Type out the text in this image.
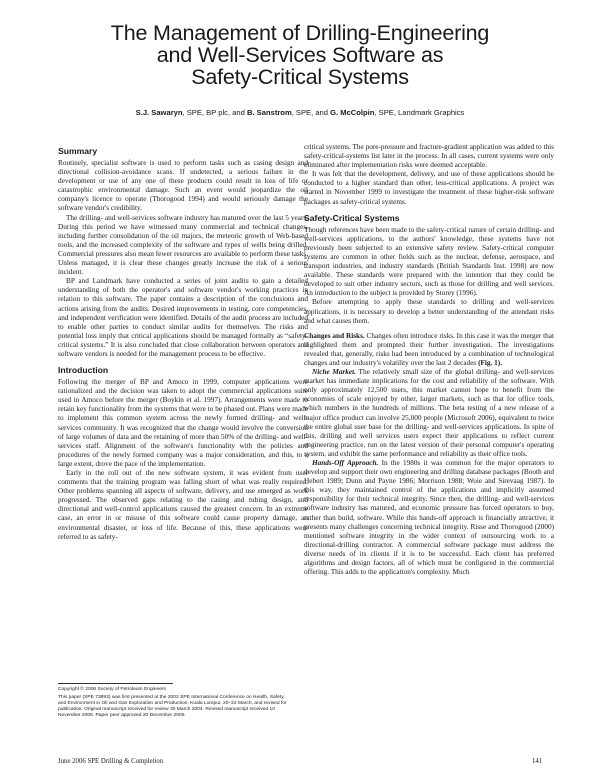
The Management of Drilling-Engineering
and Well-Services Software as
Safety-Critical Systems
S.J. Sawaryn, SPE, BP plc, and B. Sanstrom, SPE, and G. McColpin, SPE, Landmark Graphics
Summary

Routinely, specialist software is used to perform tasks such as casing design and directional collision-avoidance scans. If undetected, a serious failure in the development or use of any one of these products could result in loss of life or catastrophic environmental damage. Such an event would jeopardize the oil company's licence to operate (Thorogood 1994) and would seriously damage the software vendor's credibility.

The drilling- and well-services software industry has matured over the last 5 years. During this period we have witnessed many commercial and technical changes, including further consolidation of the oil majors, the meteoric growth of Web-based tools, and the increased complexity of the software and types of wells being drilled. Commercial pressures also mean fewer resources are available to perform these tasks. Unless managed, it is clear these changes greatly increase the risk of a serious incident.

BP and Landmark have conducted a series of joint audits to gain a detailed understanding of both the operator's and software vendor's working practices in relation to this software. The paper contains a description of the conclusions and actions arising from the audits. Desired improvements in testing, core competencies, and independent verification were identified. Details of the audit process are included to enable other parties to conduct similar audits for themselves. The risks and potential loss imply that critical applications should be managed formally as “safety-critical systems.” It is also concluded that close collaboration between operators and software vendors is needed for the management process to be effective.

Introduction

Following the merger of BP and Amoco in 1999, computer applications were rationalized and the decision was taken to adopt the commercial applications suite used in Amoco before the merger (Boykin et al. 1997). Arrangements were made to retain key functionality from the systems that were to be phased out. Plans were made to implement this common system across the newly formed drilling- and well-services community. It was recognized that the change would involve the conversion of large volumes of data and the retaining of more than 50% of the drilling- and well-services staff. Alignment of the software's functionality with the policies and procedures of the newly formed company was a major consideration, and this, to a large extent, drove the pace of the implementation.

Early in the roll out of the new software system, it was evident from user comments that the training program was falling short of what was really required. Other problems spanning all aspects of software, delivery, and use emerged as work progressed. The observed gaps relating to the casing and tubing design, and directional and well-control applications caused the greatest concern. In an extreme case, an error in or misuse of this software could cause property damage, an environmental disaster, or loss of life. Because of this, these applications were referred to as safety-

critical systems. The pore-pressure and fracture-gradient application was added to this safety-critical-systems list later in the process. In all cases, current systems were only eliminated after implementation risks were deemed acceptable.

It was felt that the development, delivery, and use of these applications should be conducted to a higher standard than other, less-critical applications. A project was started in November 1999 to investigate the treatment of these higher-risk software packages as safety-critical systems.

Safety-Critical Systems

Though references have been made to the safety-critical nature of certain drilling- and well-services applications, to the authors' knowledge, these systems have not previously been subjected to an extensive safety review. Safety-critical computer systems are common in other fields such as the nuclear, defense, aerospace, and transport industries, and industry standards (British Standards Inst. 1998) are now available. These standards were prepared with the intention that they could be developed to suit other industry sectors, such as those for drilling and well services. An introduction to the subject is provided by Storey (1996).

Before attempting to apply these standards to drilling and well-services applications, it is necessary to develop a better understanding of the attendant risks and what causes them.

Changes and Risks. Changes often introduce risks. In this case it was the merger that highlighted them and prompted their further investigation. The investigations revealed that, generally, risks had been introduced by a combination of technological changes and our industry's volatility over the last 2 decades (Fig. 1).

Niche Market. The relatively small size of the global drilling- and well-services market has immediate implications for the cost and reliability of the software. With only approximately 12,500 users, this market cannot hope to benefit from the economies of scale enjoyed by other, larger markets, such as that for office tools, which numbers in the hundreds of millions. The beta testing of a new release of a major office product can involve 25,000 people (Microsoft 2006), equivalent to twice the entire global user base for the drilling- and well-services applications. In spite of this, drilling and well services users expect their applications to reflect current engineering practice, run on the latest version of their personal computer's operating system, and exhibit the same performance and reliability as their office tools.

Hands-Off Approach. In the 1980s it was common for the major operators to develop and support their own engineering and drilling database packages (Booth and Hebert 1989; Dunn and Payne 1986; Morrison 1988; Woie and Sirevaag 1987). In this way, they maintained control of the applications and implicitly assumed responsibility for their technical integrity. Since then, the drilling- and well-services software industry has matured, and economic pressure has forced operators to buy, rather than build, software. While this hands-off approach is financially attractive, it presents many challenges concerning technical integrity. Risse and Thorogood (2000) mentioned software integrity in the wider context of outsourcing work to a directional-drilling contractor. A commercial software package must address the diverse needs of its clients if it is to be successful. Each client has preferred algorithms and design factors, all of which must be configured in the commercial offering. This adds to the application's complexity. Much

Copyright © 2006 Society of Petroleum Engineers
This paper (SPE 73893) was first presented at the 2002 SPE International Conference on Health, Safety, and Environment in Oil and Gas Exploration and Production, Kuala Lumpur, 20–22 March, and revised for publication. Original manuscript received for review 30 March 2004. Revised manuscript received 10 November 2005. Paper peer approved 20 December 2005.
June 2006 SPE Drilling & Completion	141
